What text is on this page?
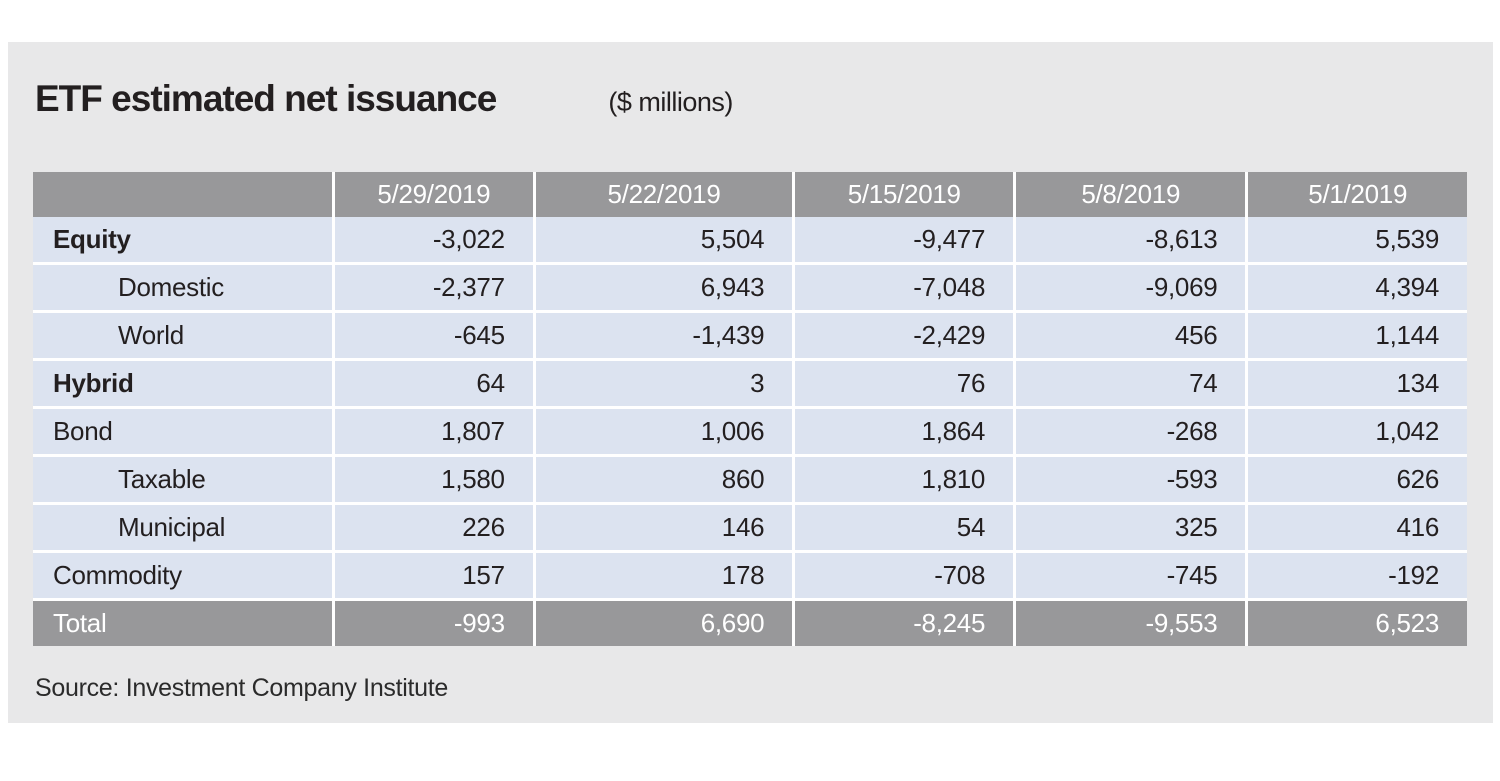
ETF estimated net issuance	($ millions)
	5/29/2019	5/22/2019	5/15/2019	5/8/2019	5/1/2019
Equity	-3,022	5,504	-9,477	-8,613	5,539
Domestic	-2,377	6,943	-7,048	-9,069	4,394
World	-645	-1,439	-2,429	456	1,144
Hybrid	64	3	76	74	134
Bond	1,807	1,006	1,864	-268	1,042
Taxable	1,580	860	1,810	-593	626
Municipal	226	146	54	325	416
Commodity	157	178	-708	-745	-192
Total	-993	6,690	-8,245	-9,553	6,523
Source: Investment Company Institute
